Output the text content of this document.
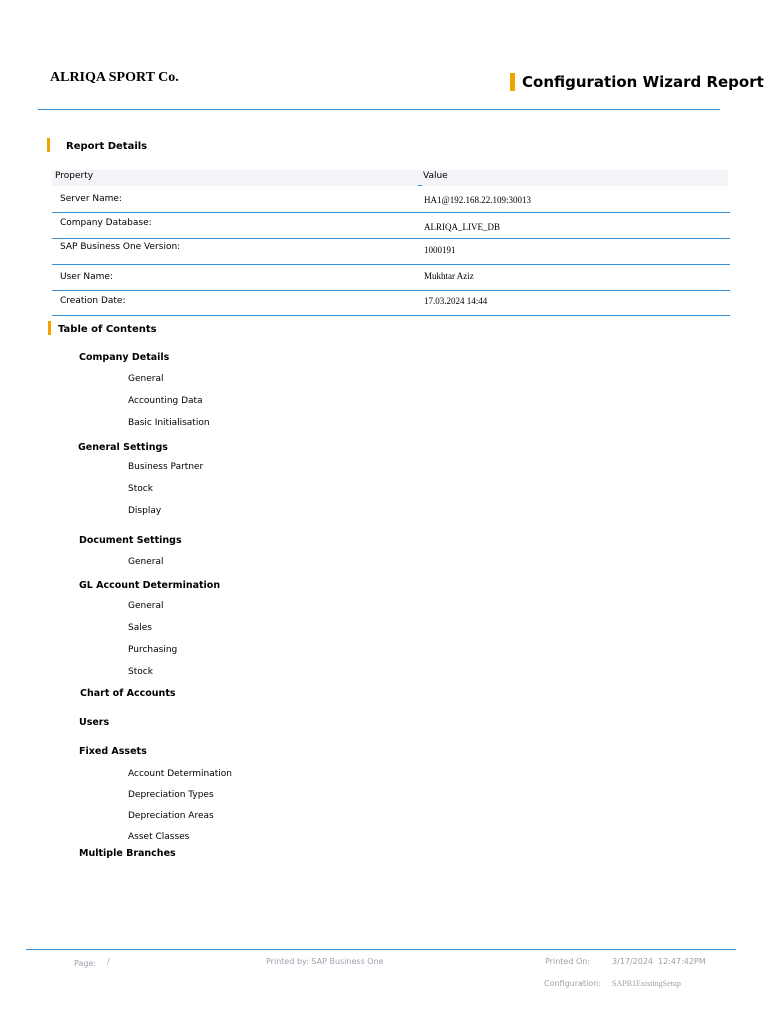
ALRIQA SPORT Co.	Configuration Wizard Report
Report Details
Property	Value
Server Name:	HA1@192.168.22.109:30013
Company Database:	ALRIQA_LIVE_DB
SAP Business One Version:	1000191
User Name:	Mukhtar Aziz
Creation Date:	17.03.2024 14:44
Table of Contents
Company Details
General
Accounting Data
Basic Initialisation
General Settings
Business Partner
Stock
Display
Document Settings
General
GL Account Determination
General
Sales
Purchasing
Stock
Chart of Accounts
Users
Fixed Assets
Account Determination
Depreciation Types
Depreciation Areas
Asset Classes
Multiple Branches
Page: /	Printed by: SAP Business One	Printed On:	3/17/2024 12:47:42PM
Configuration: SAPB1ExistingSetup
